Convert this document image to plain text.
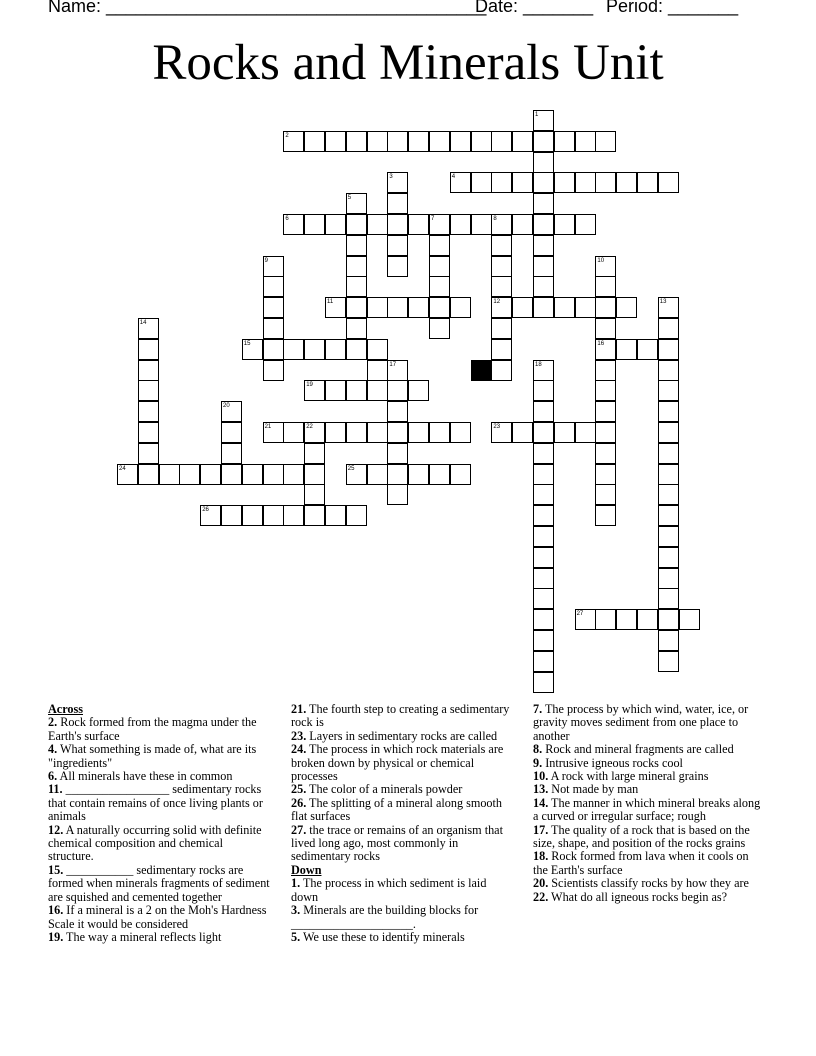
Name: ______________________________________
Date: _______ Period: _______
Rocks and Minerals Unit
1
2
3	4
5
6	7	8
9	10
11	12	13
14
15	16
17	18
19
20
21	22	23
24	25
26
27
Across
2. Rock formed from the magma under the Earth's surface
4. What something is made of, what are its "ingredients"
6. All minerals have these in common
11. _________________ sedimentary rocks that contain remains of once living plants or animals
12. A naturally occurring solid with definite chemical composition and chemical structure.
15. ___________ sedimentary rocks are formed when minerals fragments of sediment are squished and cemented together
16. If a mineral is a 2 on the Moh's Hardness Scale it would be considered
19. The way a mineral reflects light
21. The fourth step to creating a sedimentary rock is
23. Layers in sedimentary rocks are called
24. The process in which rock materials are broken down by physical or chemical processes
25. The color of a minerals powder
26. The splitting of a mineral along smooth flat surfaces
27. the trace or remains of an organism that lived long ago, most commonly in sedimentary rocks
Down
1. The process in which sediment is laid down
3. Minerals are the building blocks for ____________________.
5. We use these to identify minerals
7. The process by which wind, water, ice, or gravity moves sediment from one place to another
8. Rock and mineral fragments are called
9. Intrusive igneous rocks cool
10. A rock with large mineral grains
13. Not made by man
14. The manner in which mineral breaks along a curved or irregular surface; rough
17. The quality of a rock that is based on the size, shape, and position of the rocks grains
18. Rock formed from lava when it cools on the Earth's surface
20. Scientists classify rocks by how they are
22. What do all igneous rocks begin as?
